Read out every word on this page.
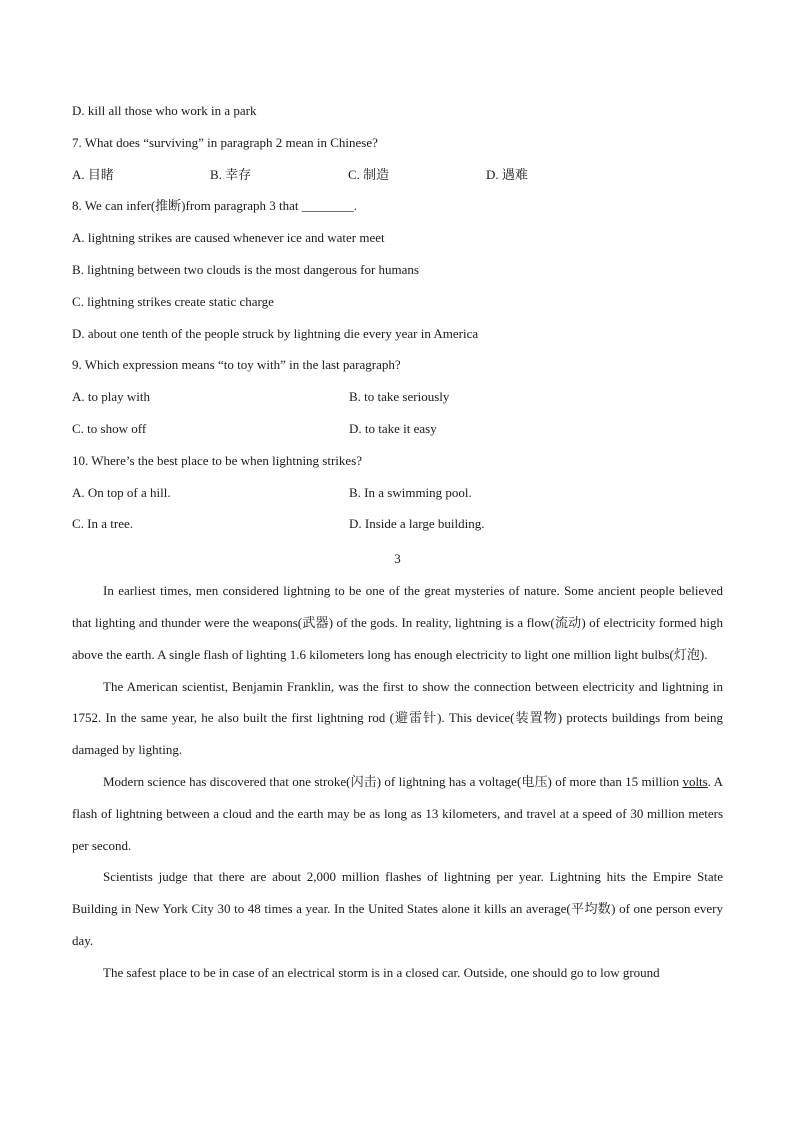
D. kill all those who work in a park
7. What does “surviving” in paragraph 2 mean in Chinese?
A. 目睹	B. 幸存	C. 制造	D. 遇难
8. We can infer(推断)from paragraph 3 that ________.
A. lightning strikes are caused whenever ice and water meet
B. lightning between two clouds is the most dangerous for humans
C. lightning strikes create static charge
D. about one tenth of the people struck by lightning die every year in America
9. Which expression means “to toy with” in the last paragraph?
A. to play with	B. to take seriously
C. to show off	D. to take it easy
10. Where’s the best place to be when lightning strikes?
A. On top of a hill.	B. In a swimming pool.
C. In a tree.	D. Inside a large building.
3

In earliest times, men considered lightning to be one of the great mysteries of nature. Some ancient people believed that lighting and thunder were the weapons(武器) of the gods. In reality, lightning is a flow(流动) of electricity formed high above the earth. A single flash of lighting 1.6 kilometers long has enough electricity to light one million light bulbs(灯泡).

The American scientist, Benjamin Franklin, was the first to show the connection between electricity and lightning in 1752. In the same year, he also built the first lightning rod (避雷针). This device(装置物) protects buildings from being damaged by lighting.

Modern science has discovered that one stroke(闪击) of lightning has a voltage(电压) of more than 15 million volts. A flash of lightning between a cloud and the earth may be as long as 13 kilometers, and travel at a speed of 30 million meters per second.

Scientists judge that there are about 2,000 million flashes of lightning per year. Lightning hits the Empire State Building in New York City 30 to 48 times a year. In the United States alone it kills an average(平均数) of one person every day.

The safest place to be in case of an electrical storm is in a closed car. Outside, one should go to low ground
